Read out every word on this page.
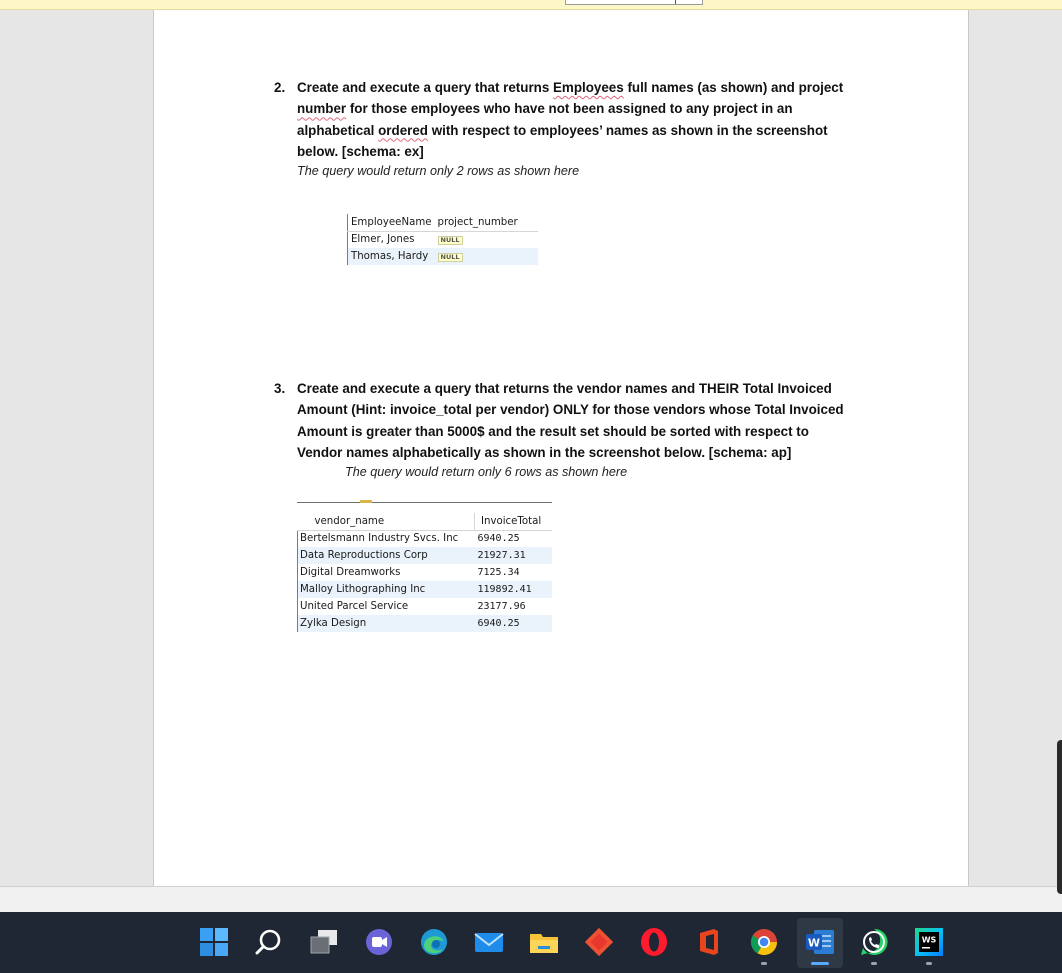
2. Create and execute a query that returns Employees full names (as shown) and project
number for those employees who have not been assigned to any project in an
alphabetical ordered with respect to employees’ names as shown in the screenshot
below. [schema: ex]
The query would return only 2 rows as shown here
EmployeeName	project_number
Elmer, Jones	NULL
Thomas, Hardy	NULL
3. Create and execute a query that returns the vendor names and THEIR Total Invoiced
Amount (Hint: invoice_total per vendor) ONLY for those vendors whose Total Invoiced
Amount is greater than 5000$ and the result set should be sorted with respect to
Vendor names alphabetically as shown in the screenshot below. [schema: ap]
The query would return only 6 rows as shown here
vendor_name	InvoiceTotal
Bertelsmann Industry Svcs. Inc	6940.25
Data Reproductions Corp	21927.31
Digital Dreamworks	7125.34
Malloy Lithographing Inc	119892.41
United Parcel Service	23177.96
Zylka Design	6940.25
W	WS
